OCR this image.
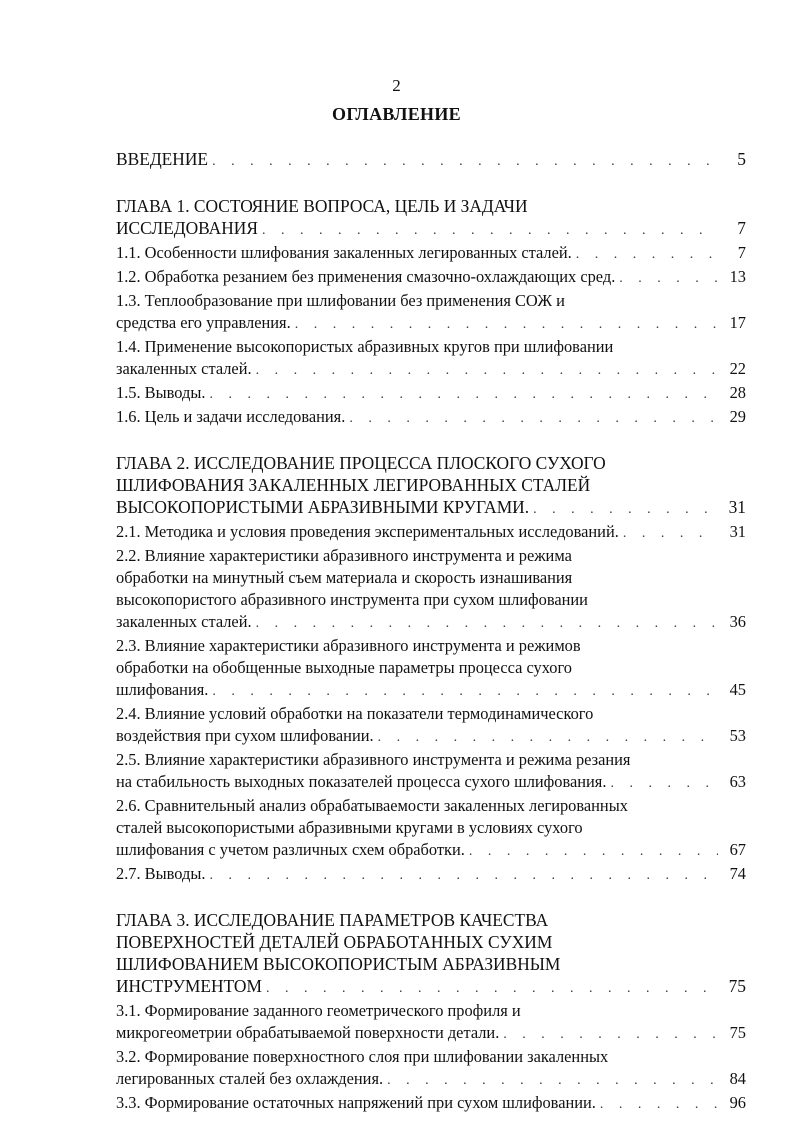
2
ОГЛАВЛЕНИЕ
ВВЕДЕНИЕ . . .	5
ГЛАВА 1. СОСТОЯНИЕ ВОПРОСА, ЦЕЛЬ И ЗАДАЧИ
ИССЛЕДОВАНИЯ . . .	7
1.1. Особенности шлифования закаленных легированных сталей. . . .	7
1.2. Обработка резанием без применения смазочно-охлаждающих сред. . . .	13
1.3. Теплообразование при шлифовании без применения СОЖ и
средства его управления. . . .	17
1.4. Применение высокопористых абразивных кругов при шлифовании
закаленных сталей. . . .	22
1.5. Выводы. . . .	28
1.6. Цель и задачи исследования. . . .	29
ГЛАВА 2. ИССЛЕДОВАНИЕ ПРОЦЕССА ПЛОСКОГО СУХОГО
ШЛИФОВАНИЯ ЗАКАЛЕННЫХ ЛЕГИРОВАННЫХ СТАЛЕЙ
ВЫСОКОПОРИСТЫМИ АБРАЗИВНЫМИ КРУГАМИ. . . .	31
2.1. Методика и условия проведения экспериментальных исследований. . . .	31
2.2. Влияние характеристики абразивного инструмента и режима
обработки на минутный съем материала и скорость изнашивания
высокопористого абразивного инструмента при сухом шлифовании
закаленных сталей. . . .	36
2.3. Влияние характеристики абразивного инструмента и режимов
обработки на обобщенные выходные параметры процесса сухого
шлифования. . . .	45
2.4. Влияние условий обработки на показатели термодинамического
воздействия при сухом шлифовании. . . .	53
2.5. Влияние характеристики абразивного инструмента и режима резания
на стабильность выходных показателей процесса сухого шлифования. . . .	63
2.6. Сравнительный анализ обрабатываемости закаленных легированных
сталей высокопористыми абразивными кругами в условиях сухого
шлифования с учетом различных схем обработки. . . .	67
2.7. Выводы. . . .	74
ГЛАВА 3. ИССЛЕДОВАНИЕ ПАРАМЕТРОВ КАЧЕСТВА
ПОВЕРХНОСТЕЙ ДЕТАЛЕЙ ОБРАБОТАННЫХ СУХИМ
ШЛИФОВАНИЕМ ВЫСОКОПОРИСТЫМ АБРАЗИВНЫМ
ИНСТРУМЕНТОМ . . .	75
3.1. Формирование заданного геометрического профиля и
микрогеометрии обрабатываемой поверхности детали. . . .	75
3.2. Формирование поверхностного слоя при шлифовании закаленных
легированных сталей без охлаждения. . . .	84
3.3. Формирование остаточных напряжений при сухом шлифовании. . . .	96
